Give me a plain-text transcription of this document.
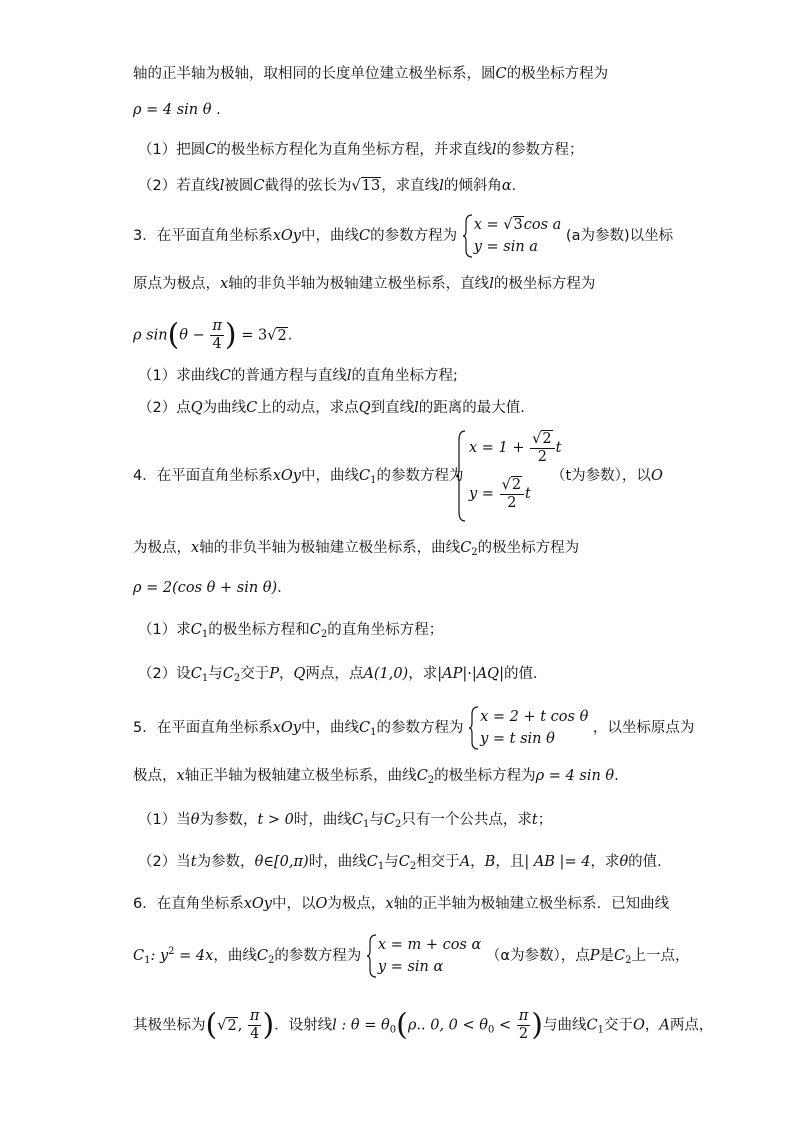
轴的正半轴为极轴，取相同的长度单位建立极坐标系，圆C的极坐标方程为
ρ = 4 sin θ .
（1）把圆C的极坐标方程化为直角坐标方程，并求直线l的参数方程；
（2）若直线l被圆C截得的弦长为√13，求直线l的倾斜角α．
3．在平面直角坐标系xOy中，曲线C的参数方程为
x = √3cos a
y = sin a
(a为参数)以坐标
原点为极点，x轴的非负半轴为极轴建立极坐标系，直线l的极坐标方程为
ρ $\sin(\theta - \frac{\pi}{4}$ ) = 3√2.
（1）求曲线C的普通方程与直线l的直角坐标方程;
（2）点Q为曲线C上的动点，求点Q到直线l的距离的最大值.
4．在平面直角坐标系xOy中，曲线$C_1$的参数方程为
$x = 1 + \frac{√2}{2}$ t
$y = \frac{√2}{2}$ t
（t为参数），以O
为极点，x轴的非负半轴为极轴建立极坐标系，曲线$C_2$的极坐标方程为
ρ = 2(cos θ + sin θ)．
（1）求$C_1$的极坐标方程和$C_2$的直角坐标方程；
（2）设$C_1$与$C_2$交于P，Q两点，点A(1,0)，求|AP|·|AQ|的值．
5．在平面直角坐标系xOy中，曲线$C_1$的参数方程为
x = 2 + t cos θ
y = t sin θ
，以坐标原点为
极点，x轴正半轴为极轴建立极坐标系，曲线$C_2$的极坐标方程为ρ = 4 sin θ.
（1）当θ为参数，t > 0时，曲线$C_1$与$C_2$只有一个公共点，求t；
（2）当t为参数，θ∈[0,π)时，曲线$C_1$与$C_2$相交于A，B，且| AB |= 4，求θ的值.
6．在直角坐标系xOy中，以O为极点，x轴的正半轴为极轴建立极坐标系．已知曲线
$C_1$: $y^2 = 4x$，曲线$C_2$的参数方程为
x = m + cos α
y = sin α
（α为参数），点P是$C_2$上一点，
其极坐标为(√2, $\frac{\pi}{4}$ )．设射线l : $\theta = \theta_0(\rho$.. 0, $0 < \theta_0 < \frac{\pi}{2}$ )与曲线$C_1$交于O，A两点，
